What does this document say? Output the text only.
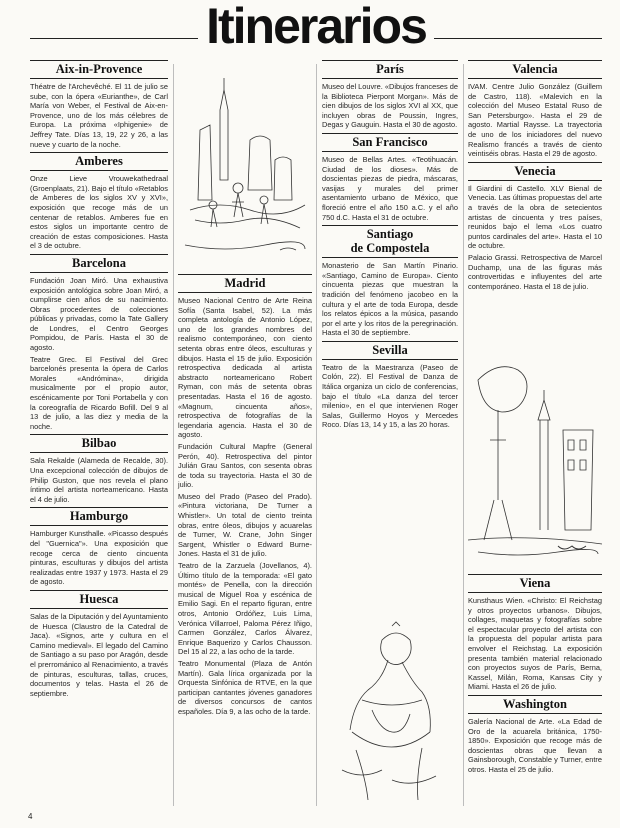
Itinerarios
Aix-in-Provence

Théatre de l'Archevêché. El 11 de julio se sube, con la ópera «Eurianthe», de Carl María von Weber, el Festival de Aix-en-Provence, uno de los más célebres de Europa. La próxima «Iphigenie» de Jeffrey Tate. Días 13, 19, 22 y 26, a las nueve y cuarto de la noche.

Amberes

Onze Lieve Vrouwekathedraal (Groenplaats, 21). Bajo el título «Retablos de Amberes de los siglos XV y XVI», exposición que recoge más de un centenar de retablos. Amberes fue en estos siglos un importante centro de creación de estas composiciones. Hasta el 3 de octubre.

Barcelona

Fundación Joan Miró. Una exhaustiva exposición antológica sobre Joan Miró, a cumplirse cien años de su nacimiento. Obras procedentes de colecciones públicas y privadas, como la Tate Gallery de Londres, el Centro Georges Pompidou, de París. Hasta el 30 de agosto.

Teatre Grec. El Festival del Grec barcelonés presenta la ópera de Carlos Morales «Andrómina», dirigida musicalmente por el propio autor, escénicamente por Toni Portabella y con la coreografía de Ricardo Bofill. Del 9 al 13 de julio, a las diez y media de la noche.

Bilbao

Sala Rekalde (Alameda de Recalde, 30). Una excepcional colección de dibujos de Philip Guston, que nos revela el plano íntimo del artista norteamericano. Hasta el 4 de julio.

Hamburgo

Hamburger Kunsthalle. «Picasso después del "Guernica"». Una exposición que recoge cerca de ciento cincuenta pinturas, esculturas y dibujos del artista realizadas entre 1937 y 1973. Hasta el 29 de agosto.

Huesca

Salas de la Diputación y del Ayuntamiento de Huesca (Claustro de la Catedral de Jaca). «Signos, arte y cultura en el Camino medieval». El legado del Camino de Santiago a su paso por Aragón, desde el prerrománico al Renacimiento, a través de pinturas, esculturas, tallas, cruces, documentos y telas. Hasta el 26 de septiembre.

Madrid

Museo Nacional Centro de Arte Reina Sofía (Santa Isabel, 52). La más completa antología de Antonio López, uno de los grandes nombres del realismo contemporáneo, con ciento setenta obras entre óleos, esculturas y dibujos. Hasta el 15 de julio. Exposición retrospectiva dedicada al artista abstracto norteamericano Robert Ryman, con más de setenta obras presentadas. Hasta el 16 de agosto. «Magnum, cincuenta años», retrospectiva de fotografías de la legendaria agencia. Hasta el 30 de agosto.

Fundación Cultural Mapfre (General Perón, 40). Retrospectiva del pintor Julián Grau Santos, con sesenta obras de toda su trayectoria. Hasta el 30 de julio.

Museo del Prado (Paseo del Prado). «Pintura victoriana, De Turner a Whistler». Un total de ciento treinta obras, entre óleos, dibujos y acuarelas de Turner, W. Crane, John Singer Sargent, Whistler o Edward Burne-Jones. Hasta el 31 de julio.

Teatro de la Zarzuela (Jovellanos, 4). Último título de la temporada: «El gato montés» de Penella, con la dirección musical de Miguel Roa y escénica de Emilio Sagi. En el reparto figuran, entre otros, Antonio Ordóñez, Luis Lima, Verónica Villarroel, Paloma Pérez Iñigo, Carmen González, Carlos Álvarez, Enrique Baquerizo y Carlos Chausson. Del 15 al 22, a las ocho de la tarde.

Teatro Monumental (Plaza de Antón Martín). Gala lírica organizada por la Orquesta Sinfónica de RTVE, en la que participan cantantes jóvenes ganadores de diversos concursos de cantos españoles. Día 9, a las ocho de la tarde.

París

Museo del Louvre. «Dibujos franceses de la Biblioteca Pierpont Morgan». Más de cien dibujos de los siglos XVI al XX, que incluyen obras de Poussin, Ingres, Degas y Gauguin. Hasta el 30 de agosto.

San Francisco

Museo de Bellas Artes. «Teotihuacán. Ciudad de los dioses». Más de doscientas piezas de piedra, máscaras, vasijas y murales del primer asentamiento urbano de México, que floreció entre el año 150 a.C. y el año 750 d.C. Hasta el 31 de octubre.

Santiago
de Compostela

Monasterio de San Martín Pinario. «Santiago, Camino de Europa». Ciento cincuenta piezas que muestran la tradición del fenómeno jacobeo en la cultura y el arte de toda Europa, desde los relatos épicos a la música, pasando por el arte y los ritos de la peregrinación. Hasta el 30 de septiembre.

Sevilla

Teatro de la Maestranza (Paseo de Colón, 22). El Festival de Danza de Itálica organiza un ciclo de conferencias, bajo el título «La danza del tercer milenio», en el que intervienen Roger Salas, Guillermo Hoyos y Mercedes Roco. Días 13, 14 y 15, a las 20 horas.

Valencia

IVAM. Centre Julio González (Guillem de Castro, 118). «Malevich en la colección del Museo Estatal Ruso de San Petersburgo». Hasta el 29 de agosto. Martial Raysse. La trayectoria de uno de los iniciadores del nuevo Realismo francés a través de ciento veintiséis obras. Hasta el 29 de agosto.

Venecia

Il Giardini di Castello. XLV Bienal de Venecia. Las últimas propuestas del arte a través de la obra de setecientos artistas de cincuenta y tres países, reunidos bajo el lema «Los cuatro puntos cardinales del arte». Hasta el 10 de octubre.

Palacio Grassi. Retrospectiva de Marcel Duchamp, una de las figuras más controvertidas e influyentes del arte contemporáneo. Hasta el 18 de julio.

Viena

Kunsthaus Wien. «Christo: El Reichstag y otros proyectos urbanos». Dibujos, collages, maquetas y fotografías sobre el espectacular proyecto del artista con la propuesta del popular artista para envolver el Reichstag. La exposición presenta también material relacionado con proyectos suyos de París, Berna, Kassel, Milán, Roma, Kansas City y Miami. Hasta el 26 de julio.

Washington

Galería Nacional de Arte. «La Edad de Oro de la acuarela británica, 1750-1850». Exposición que recoge más de doscientas obras que llevan a Gainsborough, Constable y Turner, entre otros. Hasta el 25 de julio.

4
